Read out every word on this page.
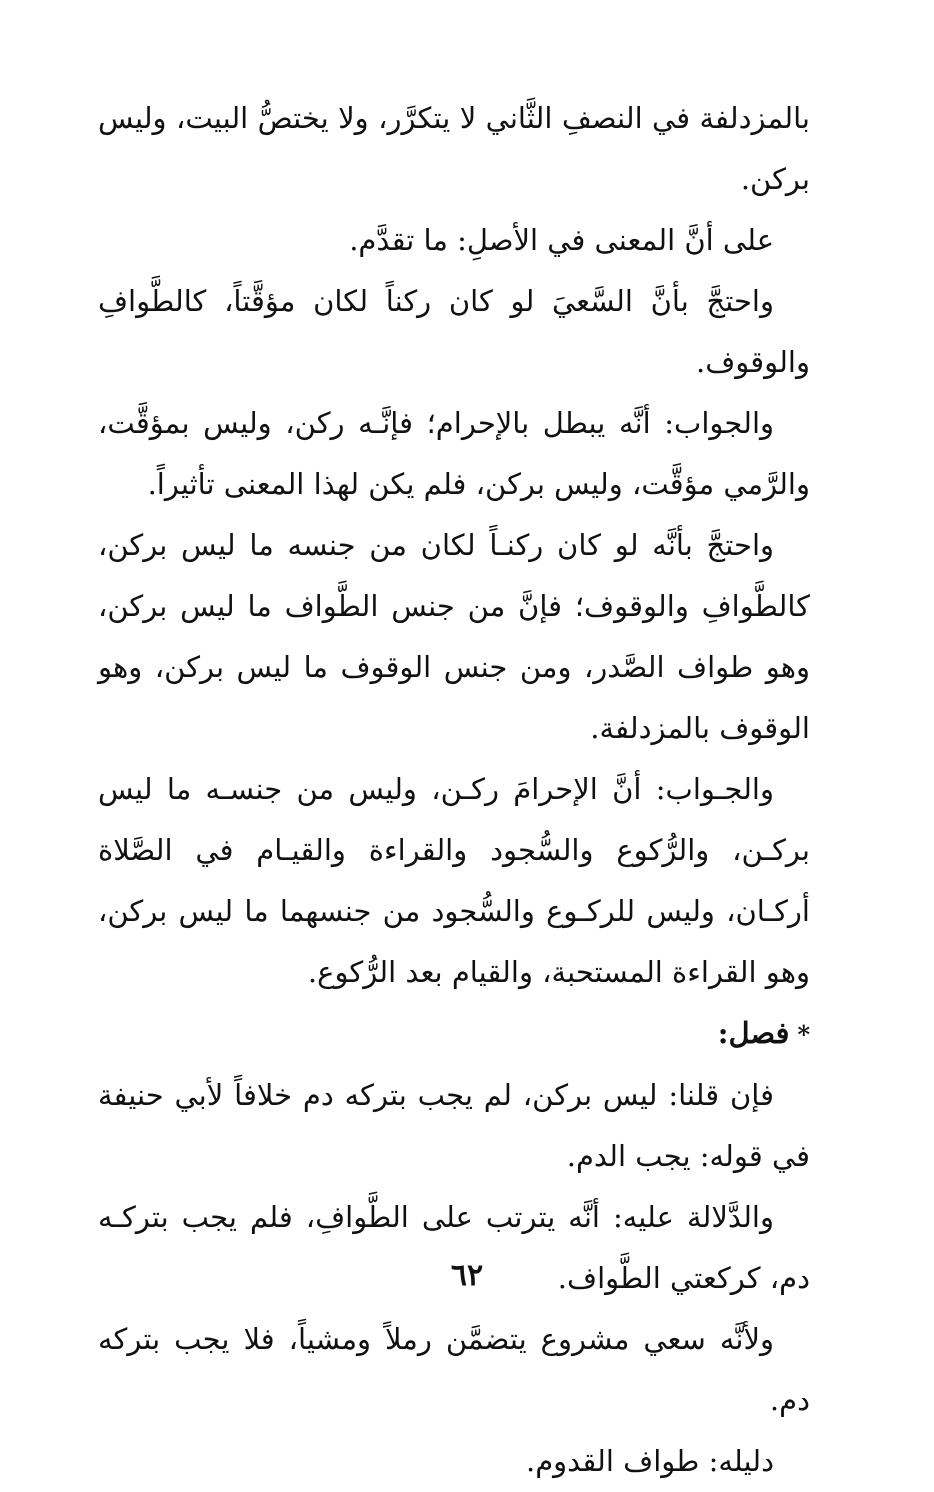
بالمزدلفة في النصفِ الثَّاني لا يتكرَّر، ولا يختصُّ البيت، وليس بركن.

على أنَّ المعنى في الأصلِ: ما تقدَّم.

واحتجَّ بأنَّ السَّعيَ لو كان ركناً لكان مؤقَّتاً، كالطَّوافِ والوقوف.

والجواب: أنَّه يبطل بالإحرام؛ فإنَّـه ركن، وليس بمؤقَّت، والرَّمي مؤقَّت، وليس بركن، فلم يكن لهذا المعنى تأثيراً.

واحتجَّ بأنَّه لو كان ركنـاً لكان من جنسه ما ليس بركن، كالطَّوافِ والوقوف؛ فإنَّ من جنس الطَّواف ما ليس بركن، وهو طواف الصَّدر، ومن جنس الوقوف ما ليس بركن، وهو الوقوف بالمزدلفة.

والجـواب: أنَّ الإحرامَ ركـن، وليس من جنسـه ما ليس بركـن، والرُّكوع والسُّجود والقراءة والقيـام في الصَّلاة أركـان، وليس للركـوع والسُّجود من جنسهما ما ليس بركن، وهو القراءة المستحبة، والقيام بعد الرُّكوع.

*فصل:

فإن قلنا: ليس بركن، لم يجب بتركه دم خلافاً لأبي حنيفة في قوله: يجب الدم.

والدَّلالة عليه: أنَّه يترتب على الطَّوافِ، فلم يجب بتركـه دم، كركعتي الطَّواف.

ولأنَّه سعي مشروع يتضمَّن رملاً ومشياً، فلا يجب بتركه دم.

دليله: طواف القدوم.

٦٢
